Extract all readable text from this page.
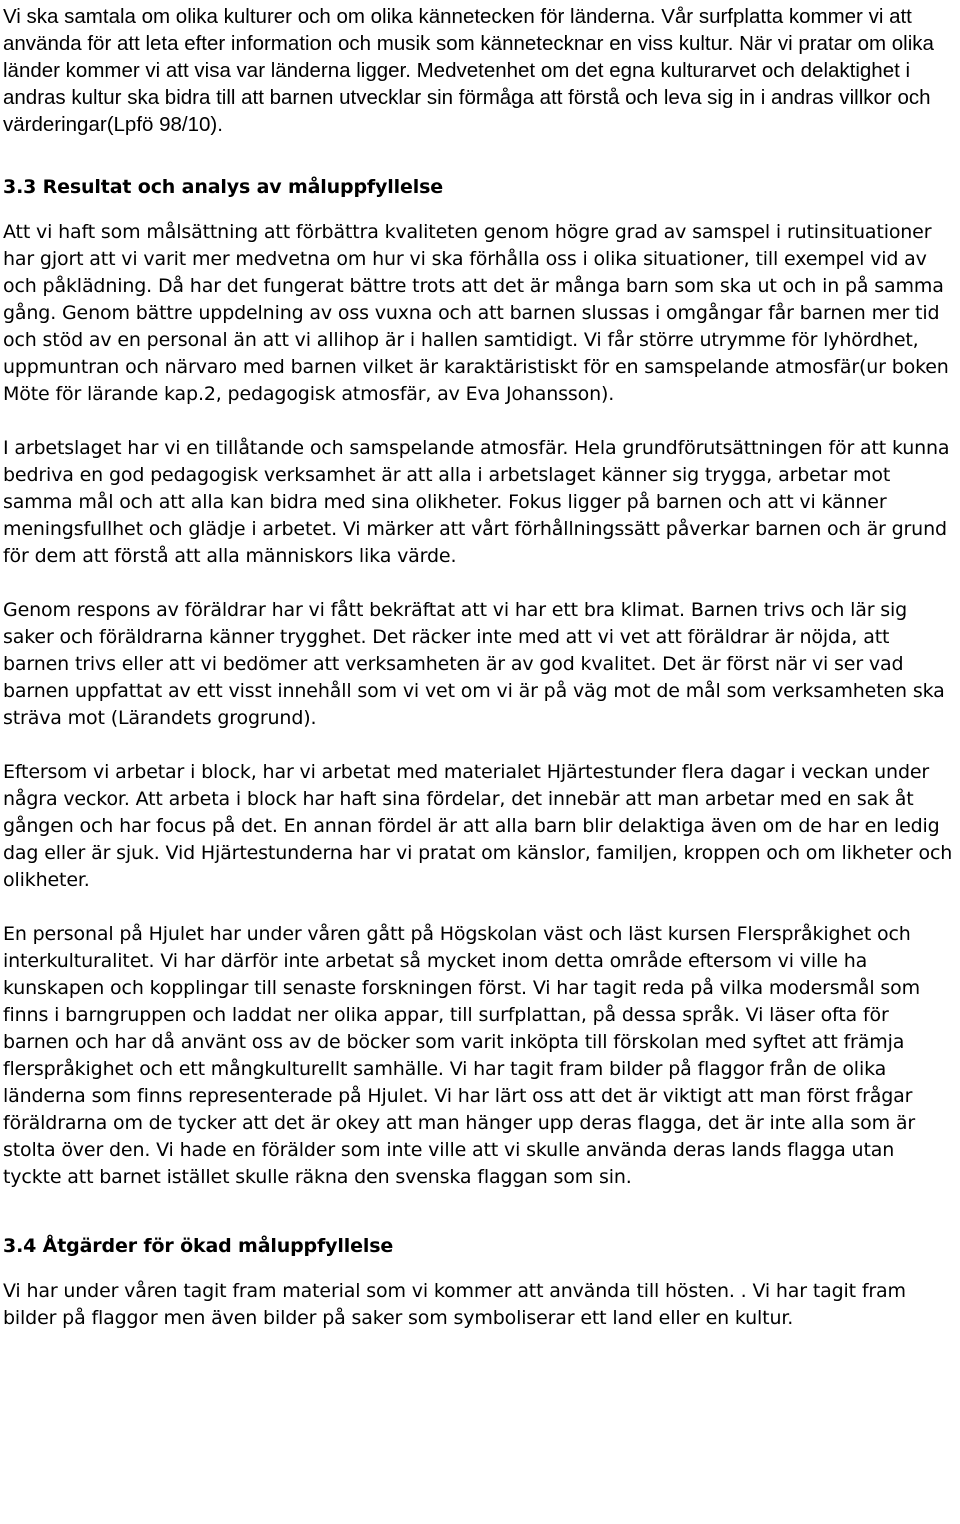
Vi ska samtala om olika kulturer och om olika kännetecken för länderna. Vår surfplatta kommer vi att använda för att leta efter information och musik som kännetecknar en viss kultur. När vi pratar om olika länder kommer vi att visa var länderna ligger. Medvetenhet om det egna kulturarvet och delaktighet i andras kultur ska bidra till att barnen utvecklar sin förmåga att förstå och leva sig in i andras villkor och värderingar(Lpfö 98/10).

3.3 Resultat och analys av måluppfyllelse

Att vi haft som målsättning att förbättra kvaliteten genom högre grad av samspel i rutinsituationer har gjort att vi varit mer medvetna om hur vi ska förhålla oss i olika situationer, till exempel vid av och påklädning. Då har det fungerat bättre trots att det är många barn som ska ut och in på samma gång. Genom bättre uppdelning av oss vuxna och att barnen slussas i omgångar får barnen mer tid och stöd av en personal än att vi allihop är i hallen samtidigt. Vi får större utrymme för lyhördhet, uppmuntran och närvaro med barnen vilket är karaktäristiskt för en samspelande atmosfär(ur boken Möte för lärande kap.2, pedagogisk atmosfär, av Eva Johansson).

I arbetslaget har vi en tillåtande och samspelande atmosfär. Hela grundförutsättningen för att kunna bedriva en god pedagogisk verksamhet är att alla i arbetslaget känner sig trygga, arbetar mot samma mål och att alla kan bidra med sina olikheter. Fokus ligger på barnen och att vi känner meningsfullhet och glädje i arbetet. Vi märker att vårt förhållningssätt påverkar barnen och är grund för dem att förstå att alla människors lika värde.

Genom respons av föräldrar har vi fått bekräftat att vi har ett bra klimat. Barnen trivs och lär sig saker och föräldrarna känner trygghet. Det räcker inte med att vi vet att föräldrar är nöjda, att barnen trivs eller att vi bedömer att verksamheten är av god kvalitet. Det är först när vi ser vad barnen uppfattat av ett visst innehåll som vi vet om vi är på väg mot de mål som verksamheten ska sträva mot (Lärandets grogrund).

Eftersom vi arbetar i block, har vi arbetat med materialet Hjärtestunder flera dagar i veckan under några veckor. Att arbeta i block har haft sina fördelar, det innebär att man arbetar med en sak åt gången och har focus på det. En annan fördel är att alla barn blir delaktiga även om de har en ledig dag eller är sjuk. Vid Hjärtestunderna har vi pratat om känslor, familjen, kroppen och om likheter och olikheter.

En personal på Hjulet har under våren gått på Högskolan väst och läst kursen Flerspråkighet och interkulturalitet. Vi har därför inte arbetat så mycket inom detta område eftersom vi ville ha kunskapen och kopplingar till senaste forskningen först. Vi har tagit reda på vilka modersmål som finns i barngruppen och laddat ner olika appar, till surfplattan, på dessa språk. Vi läser ofta för barnen och har då använt oss av de böcker som varit inköpta till förskolan med syftet att främja flerspråkighet och ett mångkulturellt samhälle. Vi har tagit fram bilder på flaggor från de olika länderna som finns representerade på Hjulet. Vi har lärt oss att det är viktigt att man först frågar föräldrarna om de tycker att det är okey att man hänger upp deras flagga, det är inte alla som är stolta över den. Vi hade en förälder som inte ville att vi skulle använda deras lands flagga utan tyckte att barnet istället skulle räkna den svenska flaggan som sin.

3.4 Åtgärder för ökad måluppfyllelse

Vi har under våren tagit fram material som vi kommer att använda till hösten. . Vi har tagit fram bilder på flaggor men även bilder på saker som symboliserar ett land eller en kultur.
